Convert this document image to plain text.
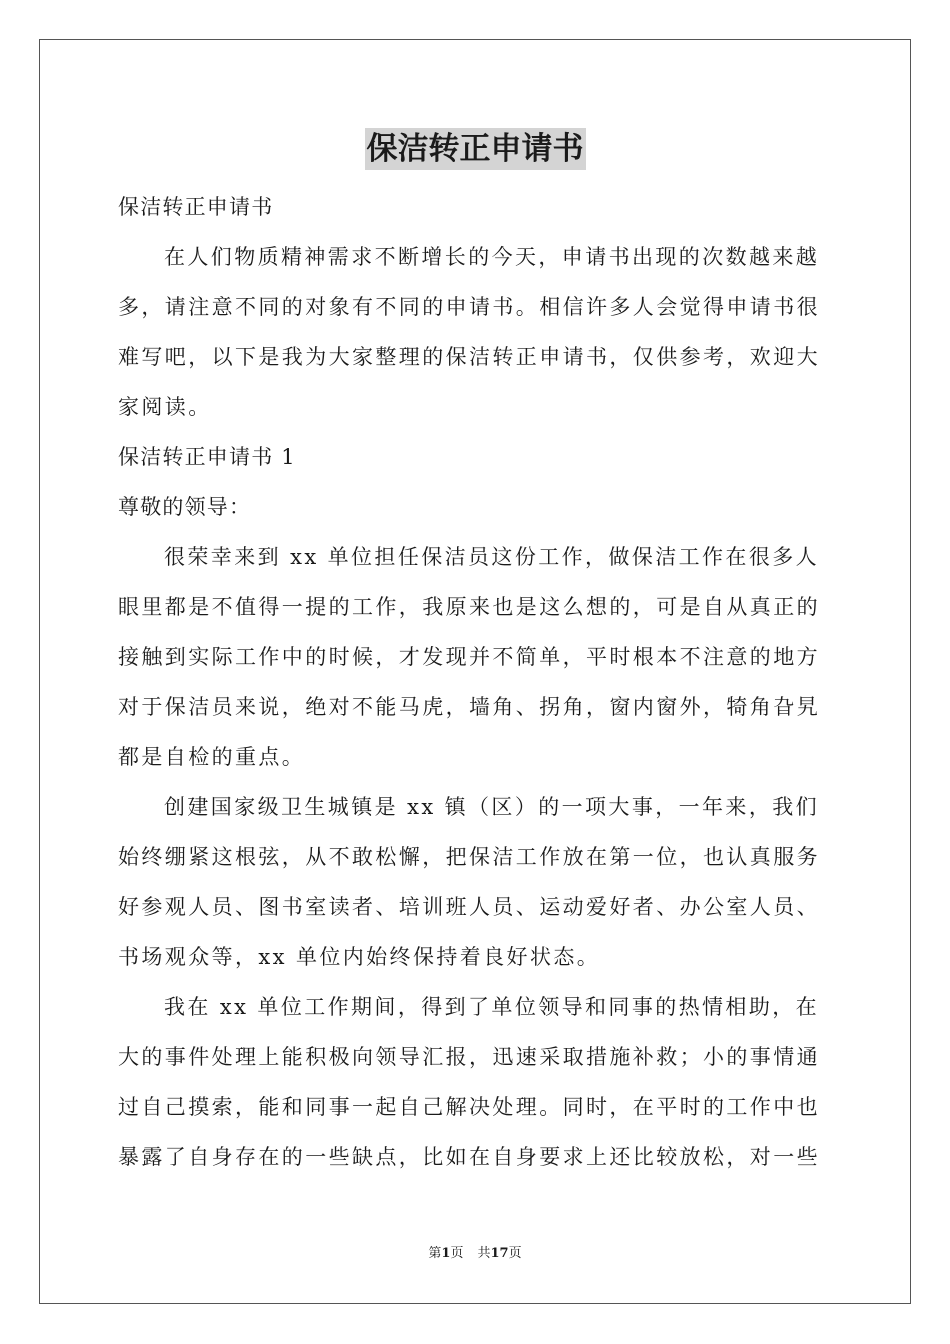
保洁转正申请书
保洁转正申请书
在人们物质精神需求不断增长的今天，申请书出现的次数越来越
多，请注意不同的对象有不同的申请书。相信许多人会觉得申请书很
难写吧，以下是我为大家整理的保洁转正申请书，仅供参考，欢迎大
家阅读。
保洁转正申请书 1
尊敬的领导：
很荣幸来到 xx 单位担任保洁员这份工作，做保洁工作在很多人
眼里都是不值得一提的工作，我原来也是这么想的，可是自从真正的
接触到实际工作中的时候，才发现并不简单，平时根本不注意的地方
对于保洁员来说，绝对不能马虎，墙角、拐角，窗内窗外，犄角旮旯
都是自检的重点。
创建国家级卫生城镇是 xx 镇（区）的一项大事，一年来，我们
始终绷紧这根弦，从不敢松懈，把保洁工作放在第一位，也认真服务
好参观人员、图书室读者、培训班人员、运动爱好者、办公室人员、
书场观众等，xx 单位内始终保持着良好状态。
我在 xx 单位工作期间，得到了单位领导和同事的热情相助，在
大的事件处理上能积极向领导汇报，迅速采取措施补救；小的事情通
过自己摸索，能和同事一起自己解决处理。同时，在平时的工作中也
暴露了自身存在的一些缺点，比如在自身要求上还比较放松，对一些
第1页 共17页
